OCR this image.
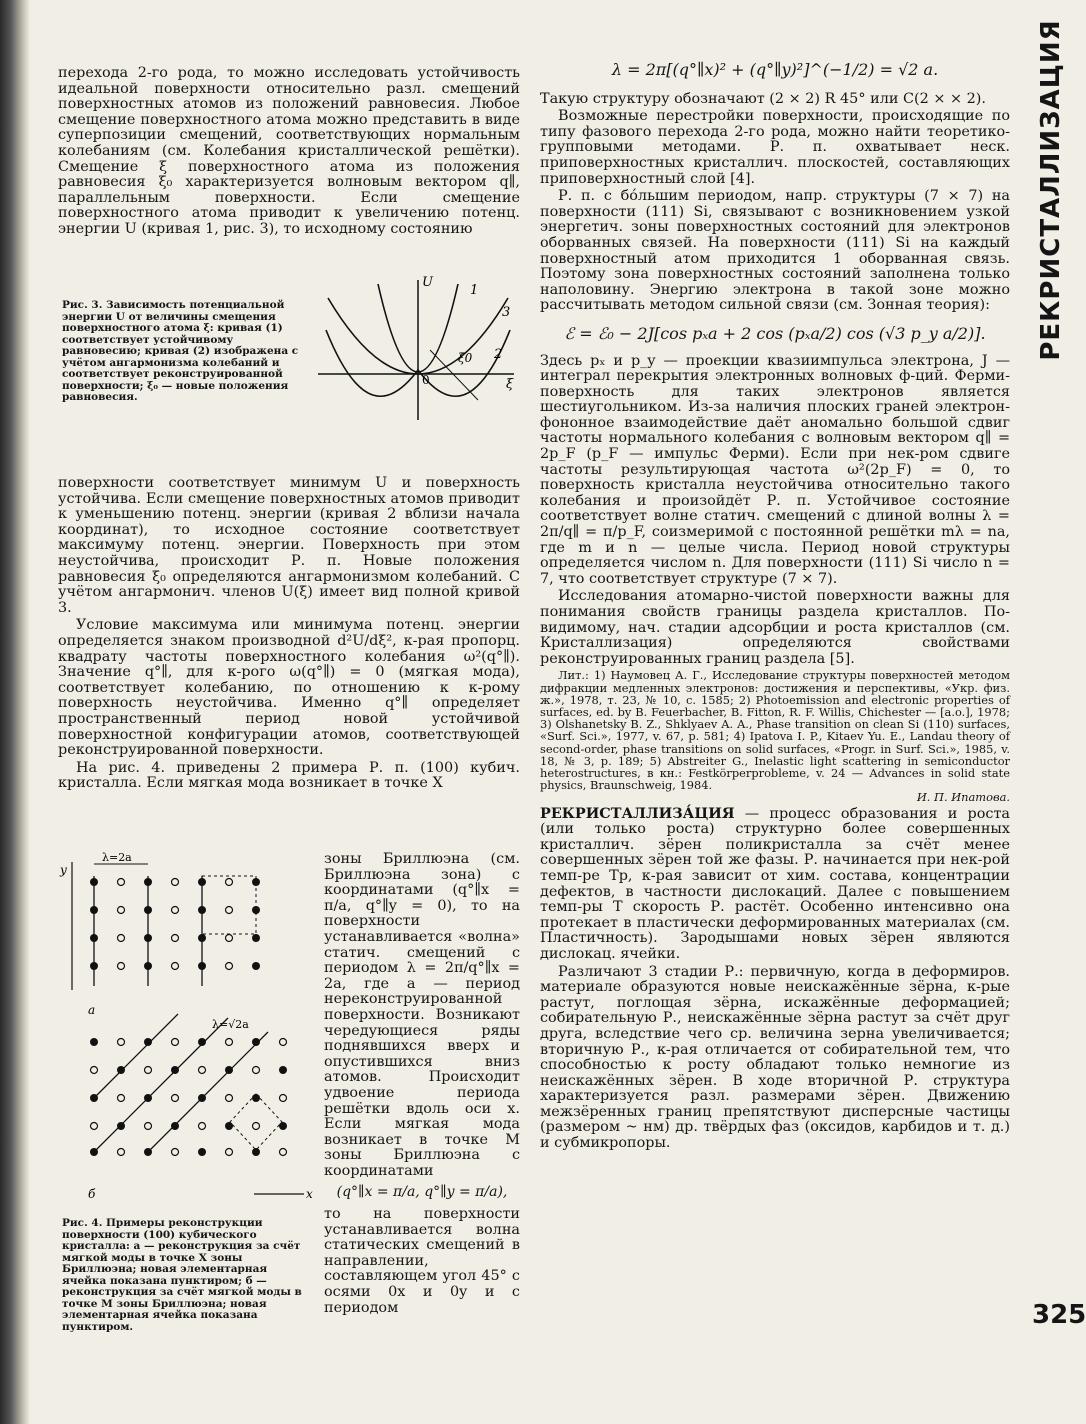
РЕКРИСТАЛЛИЗАЦИЯ

перехода 2-го рода, то можно исследовать устойчивость идеальной поверхности относительно разл. смещений поверхностных атомов из положений равновесия. Любое смещение поверхностного атома можно представить в виде суперпозиции смещений, соответствующих нормальным колебаниям (см. Колебания кристаллической решётки). Смещение ξ поверхностного атома из положения равновесия ξ₀ характеризуется волновым вектором q∥, параллельным поверхности. Если смещение поверхностного атома приводит к увеличению потенц. энергии U (кривая 1, рис. 3), то исходному состоянию

Рис. 3. Зависимость потенциальной энергии U от величины смещения поверхностного атома ξ: кривая (1) соответствует устойчивому равновесию; кривая (2) изображена с учётом ангармонизма колебаний и соответствует реконструированной поверхности; ξ₀ — новые положения равновесия.
U
1
3
2
ξ0
0	ξ

поверхности соответствует минимум U и поверхность устойчива. Если смещение поверхностных атомов приводит к уменьшению потенц. энергии (кривая 2 вблизи начала координат), то исходное состояние соответствует максимуму потенц. энергии. Поверхность при этом неустойчива, происходит Р. п. Новые положения равновесия ξ₀ определяются ангармонизмом колебаний. С учётом ангармонич. членов U(ξ) имеет вид полной кривой 3.

Условие максимума или минимума потенц. энергии определяется знаком производной d²U/dξ², к-рая пропорц. квадрату частоты поверхностного колебания ω²(q°∥). Значение q°∥, для к-рого ω(q°∥) = 0 (мягкая мода), соответствует колебанию, по отношению к к-рому поверхность неустойчива. Именно q°∥ определяет пространственный период новой устойчивой поверхностной конфигурации атомов, соответствующей реконструированной поверхности.

На рис. 4. приведены 2 примера Р. п. (100) кубич. кристалла. Если мягкая мода возникает в точке X

y
λ=2a
а
λ=√2a
x
б
Рис. 4. Примеры реконструкции поверхности (100) кубического кристалла: а — реконструкция за счёт мягкой моды в точке X зоны Бриллюэна; новая элементарная ячейка показана пунктиром; б — реконструкция за счёт мягкой моды в точке M зоны Бриллюэна; новая элементарная ячейка показана пунктиром.

зоны Бриллюэна (см. Бриллюэна зона) с координатами (q°∥x = π/a, q°∥y = 0), то на поверхности устанавливается «волна» статич. смещений с периодом λ = 2π/q°∥x = 2a, где a — период нереконструированной поверхности. Возникают чередующиеся ряды поднявшихся вверх и опустившихся вниз атомов. Происходит удвоение периода решётки вдоль оси x. Если мягкая мода возникает в точке M зоны Бриллюэна с координатами

(q°∥x = π/a, q°∥y = π/a),

то на поверхности устанавливается волна статических смещений в направлении, составляющем угол 45° с осями 0x и 0y и с периодом

λ = 2π[(q°∥x)² + (q°∥y)²]^(−1/2) = √2 a.

Такую структуру обозначают (2 × 2) R 45° или C(2 × × 2).

Возможные перестройки поверхности, происходящие по типу фазового перехода 2-го рода, можно найти теоретико-групповыми методами. Р. п. охватывает неск. приповерхностных кристаллич. плоскостей, составляющих приповерхностный слой [4].

Р. п. с бóльшим периодом, напр. структуры (7 × 7) на поверхности (111) Si, связывают с возникновением узкой энергетич. зоны поверхностных состояний для электронов оборванных связей. На поверхности (111) Si на каждый поверхностный атом приходится 1 оборванная связь. Поэтому зона поверхностных состояний заполнена только наполовину. Энергию электрона в такой зоне можно рассчитывать методом сильной связи (см. Зонная теория):

ℰ = ℰ₀ − 2J[cos pₓa + 2 cos (pₓa/2) cos (√3 p_y a/2)].

Здесь pₓ и p_y — проекции квазиимпульса электрона, J — интеграл перекрытия электронных волновых ф-ций. Ферми-поверхность для таких электронов является шестиугольником. Из-за наличия плоских граней электрон-фононное взаимодействие даёт аномально большой сдвиг частоты нормального колебания с волновым вектором q∥ = 2p_F (p_F — импульс Ферми). Если при нек-ром сдвиге частоты результирующая частота ω²(2p_F) = 0, то поверхность кристалла неустойчива относительно такого колебания и произойдёт Р. п. Устойчивое состояние соответствует волне статич. смещений с длиной волны λ = 2π/q∥ = π/p_F, соизмеримой с постоянной решётки mλ = na, где m и n — целые числа. Период новой структуры определяется числом n. Для поверхности (111) Si число n = 7, что соответствует структуре (7 × 7).

Исследования атомарно-чистой поверхности важны для понимания свойств границы раздела кристаллов. По-видимому, нач. стадии адсорбции и роста кристаллов (см. Кристаллизация) определяются свойствами реконструированных границ раздела [5].

Лит.: 1) Наумовец А. Г., Исследование структуры поверхностей методом дифракции медленных электронов: достижения и перспективы, «Укр. физ. ж.», 1978, т. 23, № 10, с. 1585; 2) Photoemission and electronic properties of surfaces, ed. by B. Feuerbacher, B. Fitton, R. F. Willis, Chichester — [a.o.], 1978; 3) Olshanetsky B. Z., Shklyaev A. A., Phase transition on clean Si (110) surfaces, «Surf. Sci.», 1977, v. 67, p. 581; 4) Ipatova I. P., Kitaev Yu. E., Landau theory of second-order, phase transitions on solid surfaces, «Progr. in Surf. Sci.», 1985, v. 18, № 3, p. 189; 5) Abstreiter G., Inelastic light scattering in semiconductor heterostructures, в кн.: Festkörperprobleme, v. 24 — Advances in solid state physics, Braunschweig, 1984.
И. П. Ипатова.

РЕКРИСТАЛЛИЗА́ЦИЯ — процесс образования и роста (или только роста) структурно более совершенных кристаллич. зёрен поликристалла за счёт менее совершенных зёрен той же фазы. Р. начинается при нек-рой темп-ре Tр, к-рая зависит от хим. состава, концентрации дефектов, в частности дислокаций. Далее с повышением темп-ры T скорость Р. растёт. Особенно интенсивно она протекает в пластически деформированных материалах (см. Пластичность). Зародышами новых зёрен являются дислокац. ячейки.

Различают 3 стадии Р.: первичную, когда в деформиров. материале образуются новые неискажённые зёрна, к-рые растут, поглощая зёрна, искажённые деформацией; собирательную Р., неискажённые зёрна растут за счёт друг друга, вследствие чего ср. величина зерна увеличивается; вторичную Р., к-рая отличается от собирательной тем, что способностью к росту обладают только немногие из неискажённых зёрен. В ходе вторичной Р. структура характеризуется разл. размерами зёрен. Движению межзёренных границ препятствуют дисперсные частицы (размером ~ нм) др. твёрдых фаз (оксидов, карбидов и т. д.) и субмикропоры.

325
